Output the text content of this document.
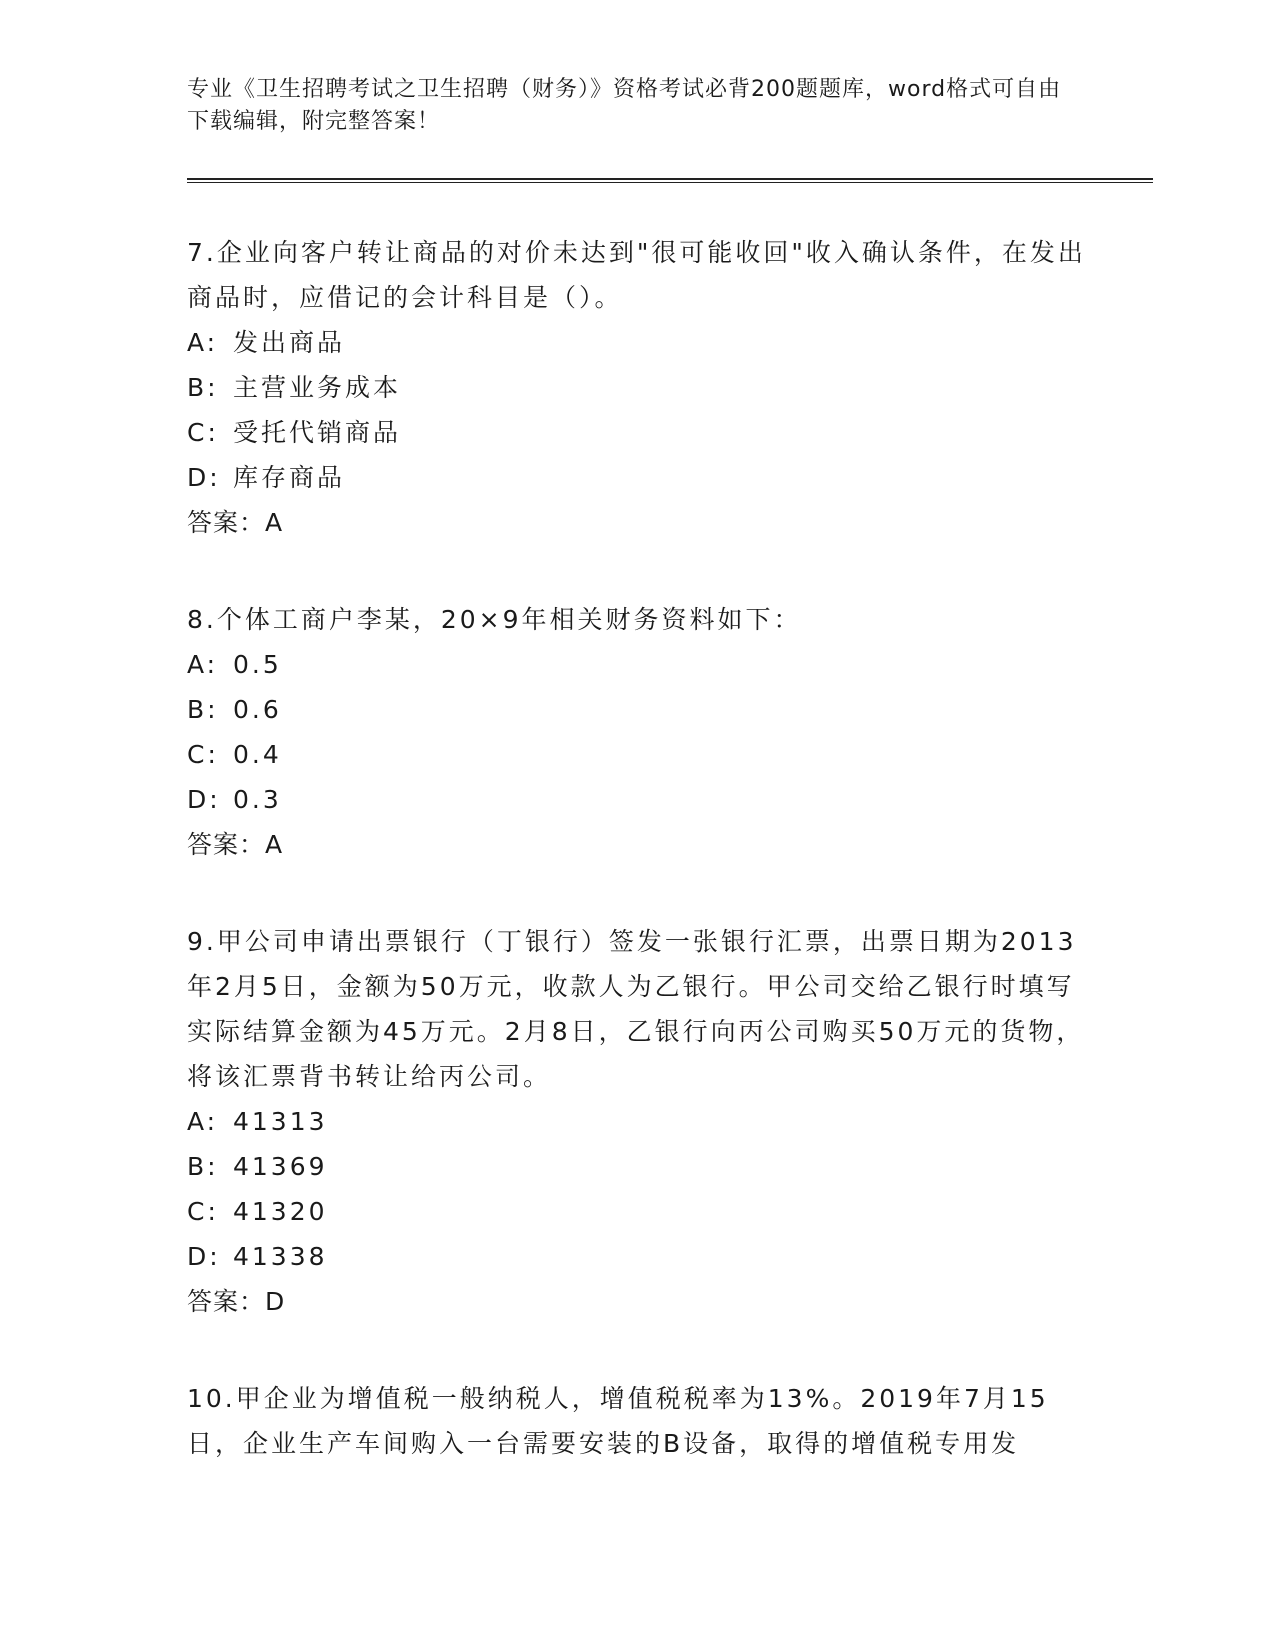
专业《卫生招聘考试之卫生招聘（财务）》资格考试必背200题题库，word格式可自由下载编辑，附完整答案！

7.企业向客户转让商品的对价未达到"很可能收回"收入确认条件，在发出商品时，应借记的会计科目是（）。

A: 发出商品

B: 主营业务成本

C: 受托代销商品

D: 库存商品

答案：A

8.个体工商户李某，20×9年相关财务资料如下：

A: 0.5

B: 0.6

C: 0.4

D: 0.3

答案：A

9.甲公司申请出票银行（丁银行）签发一张银行汇票，出票日期为2013年2月5日，金额为50万元，收款人为乙银行。甲公司交给乙银行时填写实际结算金额为45万元。2月8日，乙银行向丙公司购买50万元的货物，将该汇票背书转让给丙公司。

A: 41313

B: 41369

C: 41320

D: 41338

答案：D

10.甲企业为增值税一般纳税人，增值税税率为13%。2019年7月15日，企业生产车间购入一台需要安装的B设备，取得的增值税专用发
